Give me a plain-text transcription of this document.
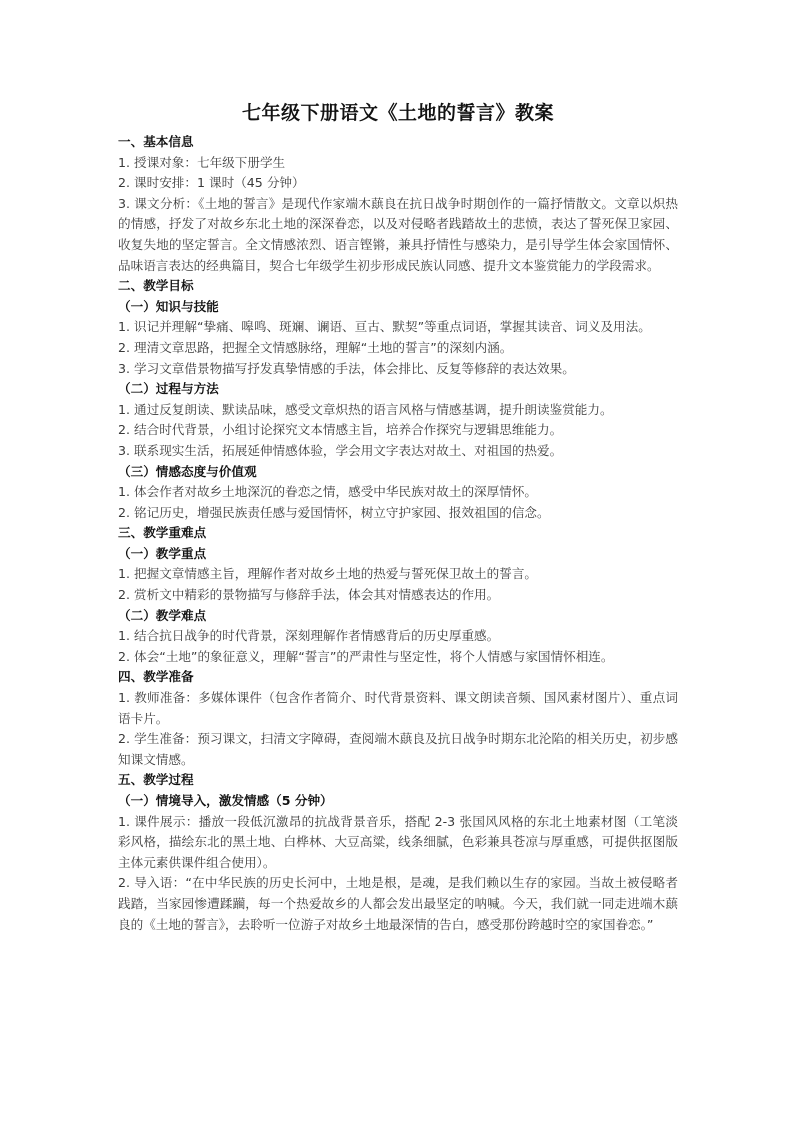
七年级下册语文《土地的誓言》教案
一、基本信息

1. 授课对象：七年级下册学生

2. 课时安排：1 课时（45 分钟）

3. 课文分析：《土地的誓言》是现代作家端木蕻良在抗日战争时期创作的一篇抒情散文。文章以炽热的情感，抒发了对故乡东北土地的深深眷恋，以及对侵略者践踏故土的悲愤，表达了誓死保卫家园、收复失地的坚定誓言。全文情感浓烈、语言铿锵，兼具抒情性与感染力，是引导学生体会家国情怀、品味语言表达的经典篇目，契合七年级学生初步形成民族认同感、提升文本鉴赏能力的学段需求。

二、教学目标
（一）知识与技能

1. 识记并理解“挚痛、嗥鸣、斑斓、谰语、亘古、默契”等重点词语，掌握其读音、词义及用法。

2. 理清文章思路，把握全文情感脉络，理解“土地的誓言”的深刻内涵。

3. 学习文章借景物描写抒发真挚情感的手法，体会排比、反复等修辞的表达效果。

（二）过程与方法

1. 通过反复朗读、默读品味，感受文章炽热的语言风格与情感基调，提升朗读鉴赏能力。

2. 结合时代背景，小组讨论探究文本情感主旨，培养合作探究与逻辑思维能力。

3. 联系现实生活，拓展延伸情感体验，学会用文字表达对故土、对祖国的热爱。

（三）情感态度与价值观

1. 体会作者对故乡土地深沉的眷恋之情，感受中华民族对故土的深厚情怀。

2. 铭记历史，增强民族责任感与爱国情怀，树立守护家园、报效祖国的信念。

三、教学重难点
（一）教学重点

1. 把握文章情感主旨，理解作者对故乡土地的热爱与誓死保卫故土的誓言。

2. 赏析文中精彩的景物描写与修辞手法，体会其对情感表达的作用。

（二）教学难点

1. 结合抗日战争的时代背景，深刻理解作者情感背后的历史厚重感。

2. 体会“土地”的象征意义，理解“誓言”的严肃性与坚定性，将个人情感与家国情怀相连。

四、教学准备

1. 教师准备：多媒体课件（包含作者简介、时代背景资料、课文朗读音频、国风素材图片）、重点词语卡片。

2. 学生准备：预习课文，扫清文字障碍，查阅端木蕻良及抗日战争时期东北沦陷的相关历史，初步感知课文情感。

五、教学过程
（一）情境导入，激发情感（5 分钟）

1. 课件展示：播放一段低沉激昂的抗战背景音乐，搭配 2-3 张国风风格的东北土地素材图（工笔淡彩风格，描绘东北的黑土地、白桦林、大豆高粱，线条细腻，色彩兼具苍凉与厚重感，可提供抠图版主体元素供课件组合使用）。

2. 导入语：“在中华民族的历史长河中，土地是根，是魂，是我们赖以生存的家园。当故土被侵略者践踏，当家园惨遭蹂躏，每一个热爱故乡的人都会发出最坚定的呐喊。今天，我们就一同走进端木蕻良的《土地的誓言》，去聆听一位游子对故乡土地最深情的告白，感受那份跨越时空的家国眷恋。”
